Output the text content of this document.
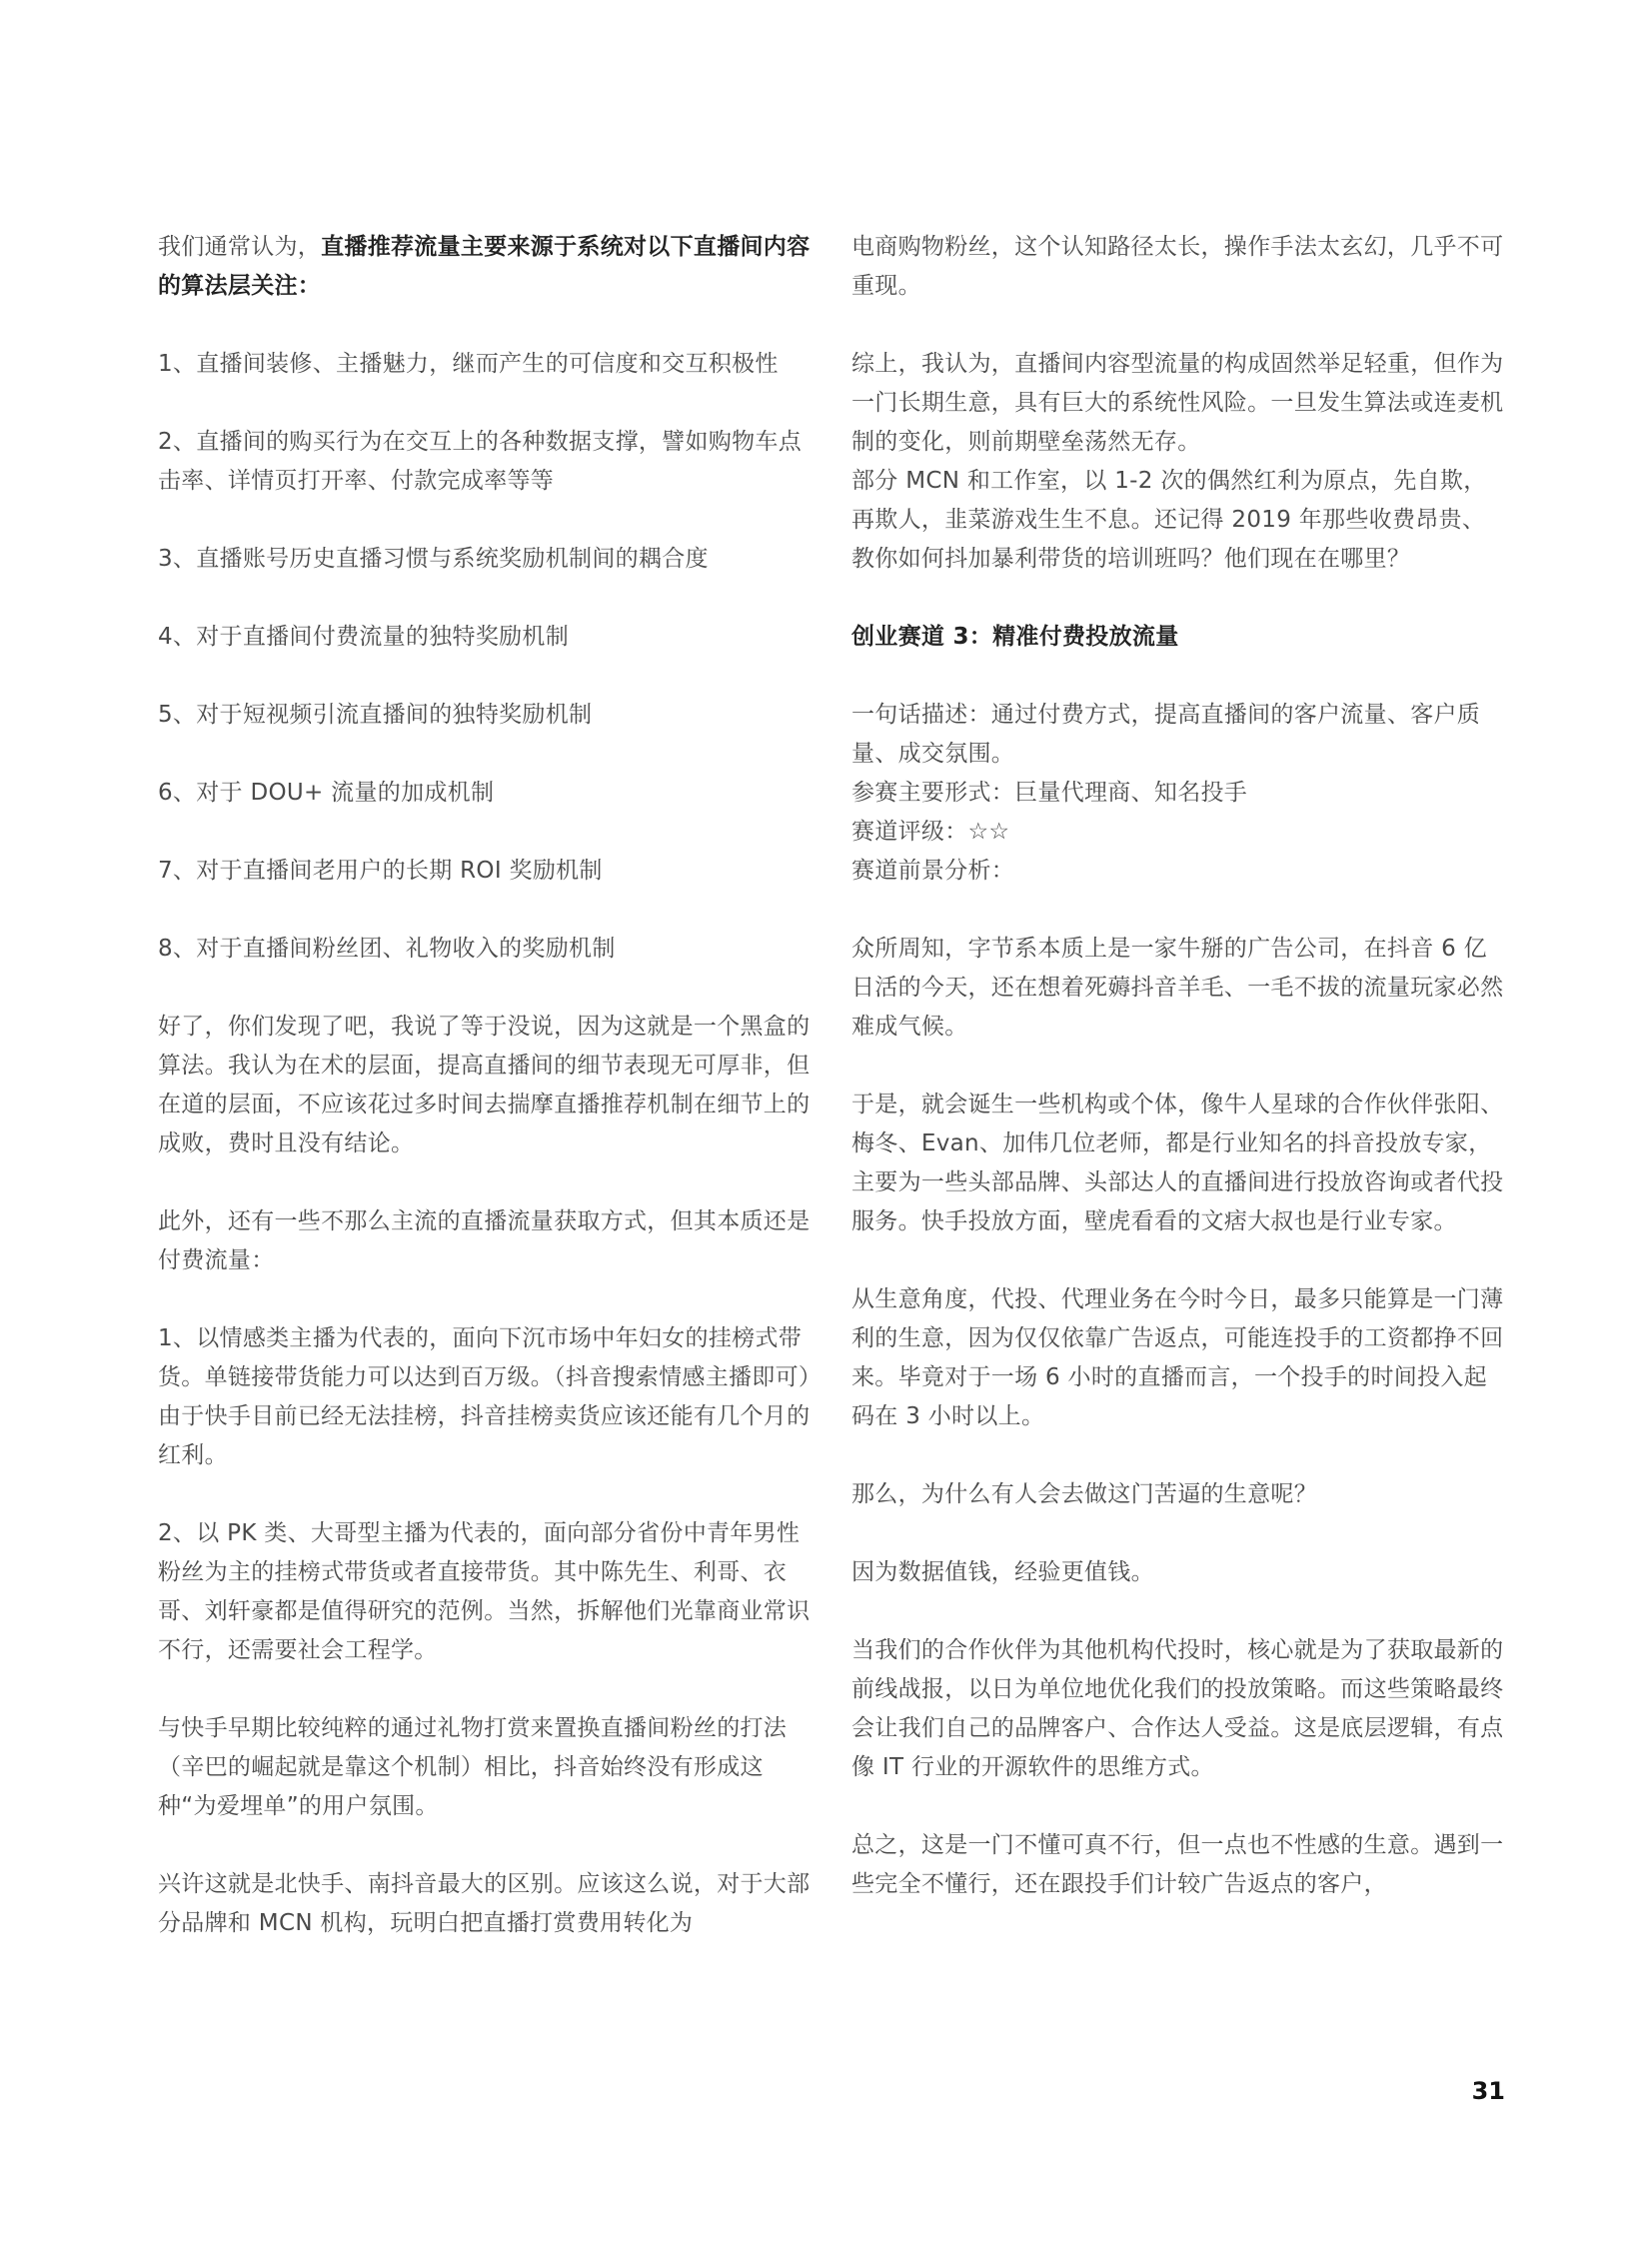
我们通常认为，直播推荐流量主要来源于系统对以下直播间内容的算法层关注：

1、直播间装修、主播魅力，继而产生的可信度和交互积极性

2、直播间的购买行为在交互上的各种数据支撑，譬如购物车点击率、详情页打开率、付款完成率等等

3、直播账号历史直播习惯与系统奖励机制间的耦合度

4、对于直播间付费流量的独特奖励机制

5、对于短视频引流直播间的独特奖励机制

6、对于 DOU+ 流量的加成机制

7、对于直播间老用户的长期 ROI 奖励机制

8、对于直播间粉丝团、礼物收入的奖励机制

好了，你们发现了吧，我说了等于没说，因为这就是一个黑盒的算法。我认为在术的层面，提高直播间的细节表现无可厚非，但在道的层面，不应该花过多时间去揣摩直播推荐机制在细节上的成败，费时且没有结论。

此外，还有一些不那么主流的直播流量获取方式，但其本质还是付费流量：

1、以情感类主播为代表的，面向下沉市场中年妇女的挂榜式带货。单链接带货能力可以达到百万级。（抖音搜索情感主播即可）由于快手目前已经无法挂榜，抖音挂榜卖货应该还能有几个月的红利。

2、以 PK 类、大哥型主播为代表的，面向部分省份中青年男性粉丝为主的挂榜式带货或者直接带货。其中陈先生、利哥、衣哥、刘轩豪都是值得研究的范例。当然，拆解他们光靠商业常识不行，还需要社会工程学。

与快手早期比较纯粹的通过礼物打赏来置换直播间粉丝的打法（辛巴的崛起就是靠这个机制）相比，抖音始终没有形成这种“为爱埋单”的用户氛围。

兴许这就是北快手、南抖音最大的区别。应该这么说，对于大部分品牌和 MCN 机构，玩明白把直播打赏费用转化为

电商购物粉丝，这个认知路径太长，操作手法太玄幻，几乎不可重现。

综上，我认为，直播间内容型流量的构成固然举足轻重，但作为一门长期生意，具有巨大的系统性风险。一旦发生算法或连麦机制的变化，则前期壁垒荡然无存。

部分 MCN 和工作室，以 1-2 次的偶然红利为原点，先自欺，再欺人，韭菜游戏生生不息。还记得 2019 年那些收费昂贵、教你如何抖加暴利带货的培训班吗？他们现在在哪里？

创业赛道 3：精准付费投放流量

一句话描述：通过付费方式，提高直播间的客户流量、客户质量、成交氛围。

参赛主要形式：巨量代理商、知名投手

赛道评级：☆☆

赛道前景分析：

众所周知，字节系本质上是一家牛掰的广告公司，在抖音 6 亿日活的今天，还在想着死薅抖音羊毛、一毛不拔的流量玩家必然难成气候。

于是，就会诞生一些机构或个体，像牛人星球的合作伙伴张阳、梅冬、Evan、加伟几位老师，都是行业知名的抖音投放专家，主要为一些头部品牌、头部达人的直播间进行投放咨询或者代投服务。快手投放方面，壁虎看看的文痞大叔也是行业专家。

从生意角度，代投、代理业务在今时今日，最多只能算是一门薄利的生意，因为仅仅依靠广告返点，可能连投手的工资都挣不回来。毕竟对于一场 6 小时的直播而言，一个投手的时间投入起码在 3 小时以上。

那么，为什么有人会去做这门苦逼的生意呢？

因为数据值钱，经验更值钱。

当我们的合作伙伴为其他机构代投时，核心就是为了获取最新的前线战报，以日为单位地优化我们的投放策略。而这些策略最终会让我们自己的品牌客户、合作达人受益。这是底层逻辑，有点像 IT 行业的开源软件的思维方式。

总之，这是一门不懂可真不行，但一点也不性感的生意。遇到一些完全不懂行，还在跟投手们计较广告返点的客户，

31
